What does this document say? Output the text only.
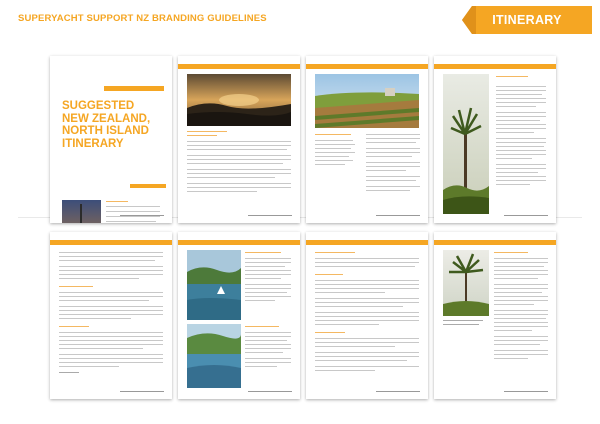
SUPERYACHT SUPPORT NZ BRANDING GUIDELINES	ITINERARY
SUGGESTED
NEW ZEALAND,
NORTH ISLAND
ITINERARY
